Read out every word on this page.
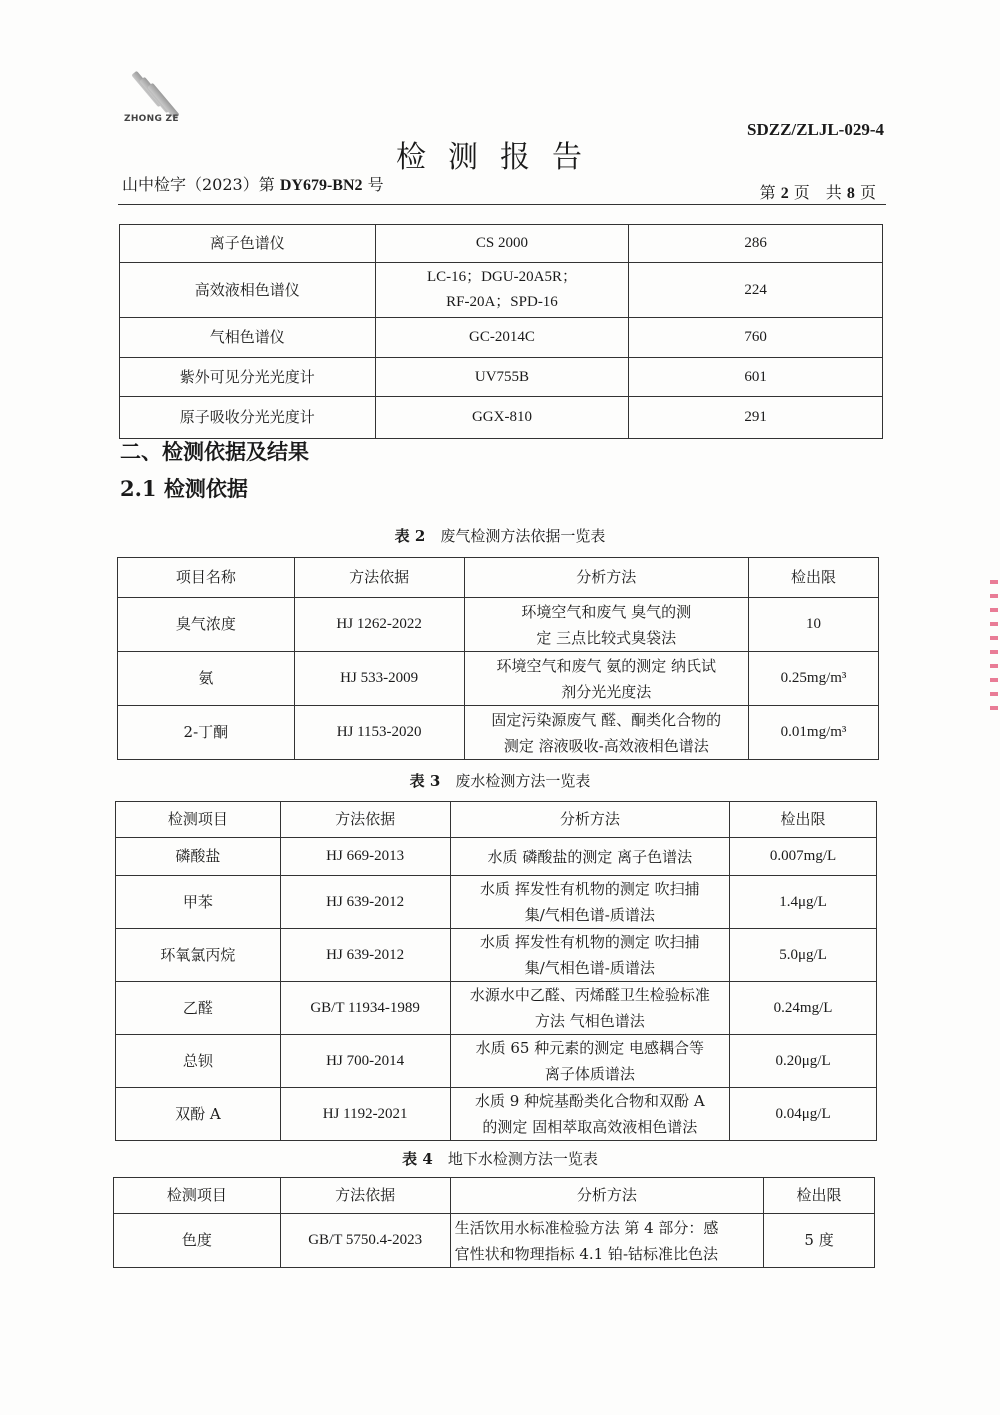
ZHONG ZE
SDZZ/ZLJL-029-4
检测报告
山中检字（2023）第 DY679-BN2 号	第 2 页　共 8 页
离子色谱仪	CS 2000	286
高效液相色谱仪	LC-16；DGU-20A5R；
RF-20A；SPD-16	224
气相色谱仪	GC-2014C	760
紫外可见分光光度计	UV755B	601
原子吸收分光光度计	GGX-810	291
二、检测依据及结果
2.1 检测依据
表 2　 废气检测方法依据一览表
项目名称	方法依据	分析方法	检出限
臭气浓度	HJ 1262-2022	环境空气和废气 臭气的测
定 三点比较式臭袋法	10
氨	HJ 533-2009	环境空气和废气 氨的测定 纳氏试
剂分光光度法	0.25mg/m³
2-丁酮	HJ 1153-2020	固定污染源废气 醛、酮类化合物的
测定 溶液吸收-高效液相色谱法	0.01mg/m³
表 3　 废水检测方法一览表
检测项目	方法依据	分析方法	检出限
磷酸盐	HJ 669-2013	水质 磷酸盐的测定 离子色谱法	0.007mg/L
甲苯	HJ 639-2012	水质 挥发性有机物的测定 吹扫捕
集/气相色谱-质谱法	1.4μg/L
环氧氯丙烷	HJ 639-2012	水质 挥发性有机物的测定 吹扫捕
集/气相色谱-质谱法	5.0μg/L
乙醛	GB/T 11934-1989	水源水中乙醛、丙烯醛卫生检验标准
方法 气相色谱法	0.24mg/L
总钡	HJ 700-2014	水质 65 种元素的测定 电感耦合等
离子体质谱法	0.20μg/L
双酚 A	HJ 1192-2021	水质 9 种烷基酚类化合物和双酚 A
的测定 固相萃取高效液相色谱法	0.04μg/L
表 4　 地下水检测方法一览表
检测项目	方法依据	分析方法	检出限
色度	GB/T 5750.4-2023	生活饮用水标准检验方法 第 4 部分：感
官性状和物理指标 4.1 铂-钴标准比色法	5 度
